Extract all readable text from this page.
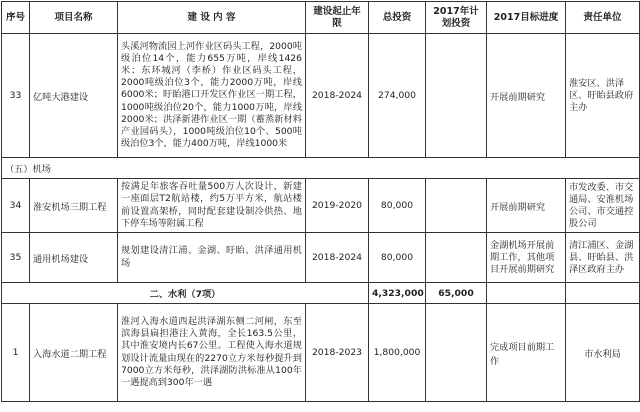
序号	项目名称	建 设 内 容	建设起止年限	总投资	2017年计划投资	2017目标进度	责任单位
33	亿吨大港建设	头溪河物流园上河作业区码头工程，2000吨级泊位14个，能力655万吨，岸线1426米；东环城河（李桥）作业区码头工程，2000吨级泊位3个，能力2000万吨，岸线6000米；盱眙港口开发区作业区一期工程，1000吨级泊位20个，能力1000万吨，岸线2000米；洪泽新港作业区一期（蓄蒸新材料产业园码头），1000吨级泊位10个、500吨级泊位3个，能力400万吨，岸线1000米	2018-2024	274,000		开展前期研究	淮安区、洪泽区、盱眙县政府主办
（五）机场							
34	淮安机场三期工程	按满足年旅客吞吐量500万人次设计，新建一座面层T2航站楼，约5万平方米，航站楼前设置高架桥，同时配套建设制冷供热、地下停车场等附属工程	2019-2020	80,000		开展前期研究	市发改委、市交通局、安淮机场公司、市交通控股公司
35	通用机场建设	规划建设清江浦、金湖、盱眙、洪泽通用机场	2018-2024	80,000		金湖机场开展前期工作，其他项目开展前期研究	清江浦区、金湖县、盱眙县、洪泽区政府主办
二、水利（7项）				4,323,000	65,000		
1	入海水道二期工程	淮河入海水道西起洪泽湖东侧二河闸，东至滨海县扁担港注入黄海，全长163.5公里，其中淮安境内长67公里。工程使入海水道规划设计流量由现在的2270立方米每秒提升到7000立方米每秒，洪泽湖防洪标准从100年一遇提高到300年一遇	2018-2023	1,800,000		完成项目前期工作	市水利局
